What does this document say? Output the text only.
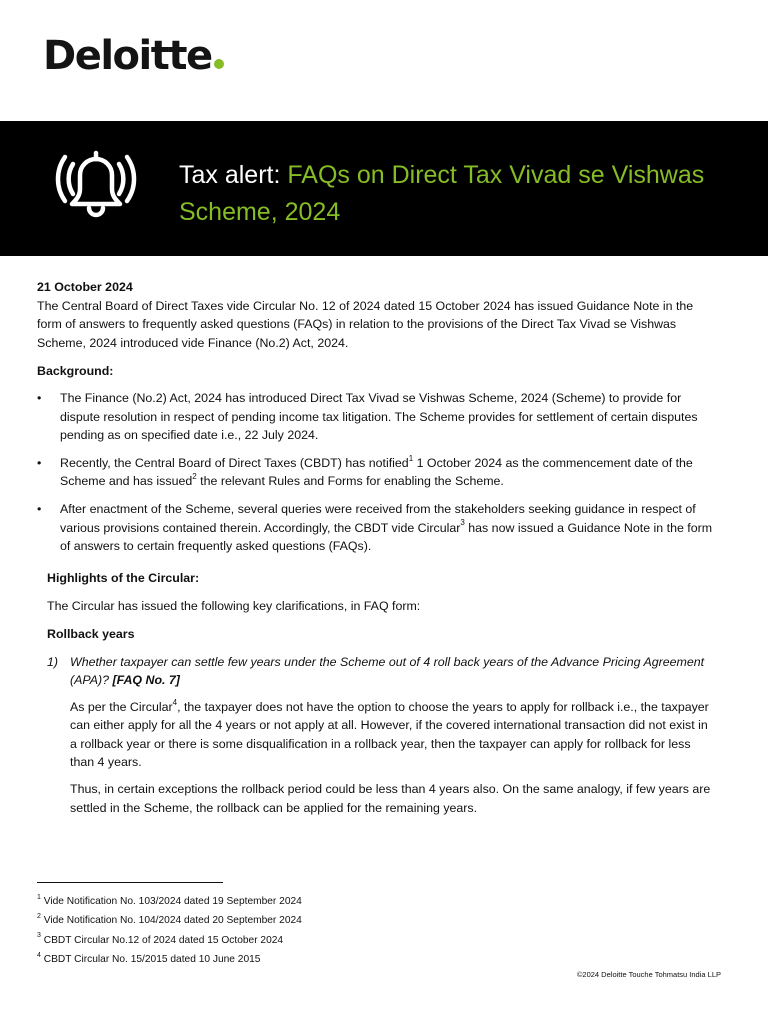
Deloitte
Tax alert: FAQs on Direct Tax Vivad se Vishwas Scheme, 2024
21 October 2024
The Central Board of Direct Taxes vide Circular No. 12 of 2024 dated 15 October 2024 has issued Guidance Note in the form of answers to frequently asked questions (FAQs) in relation to the provisions of the Direct Tax Vivad se Vishwas Scheme, 2024 introduced vide Finance (No.2) Act, 2024.
Background:
• The Finance (No.2) Act, 2024 has introduced Direct Tax Vivad se Vishwas Scheme, 2024 (Scheme) to provide for dispute resolution in respect of pending income tax litigation. The Scheme provides for settlement of certain disputes pending as on specified date i.e., 22 July 2024.
• Recently, the Central Board of Direct Taxes (CBDT) has notified$^1$ 1 October 2024 as the commencement date of the Scheme and has issued$^2$ the relevant Rules and Forms for enabling the Scheme.
• After enactment of the Scheme, several queries were received from the stakeholders seeking guidance in respect of various provisions contained therein. Accordingly, the CBDT vide Circular$^3$ has now issued a Guidance Note in the form of answers to certain frequently asked questions (FAQs).
Highlights of the Circular:
The Circular has issued the following key clarifications, in FAQ form:
Rollback years
1) Whether taxpayer can settle few years under the Scheme out of 4 roll back years of the Advance Pricing Agreement (APA)? [FAQ No. 7]
As per the Circular$^4$, the taxpayer does not have the option to choose the years to apply for rollback i.e., the taxpayer can either apply for all the 4 years or not apply at all. However, if the covered international transaction did not exist in a rollback year or there is some disqualification in a rollback year, then the taxpayer can apply for rollback for less than 4 years.
Thus, in certain exceptions the rollback period could be less than 4 years also. On the same analogy, if few years are settled in the Scheme, the rollback can be applied for the remaining years.
$^1$ Vide Notification No. 103/2024 dated 19 September 2024
$^2$ Vide Notification No. 104/2024 dated 20 September 2024
$^3$ CBDT Circular No.12 of 2024 dated 15 October 2024
$^4$ CBDT Circular No. 15/2015 dated 10 June 2015
©2024 Deloitte Touche Tohmatsu India LLP
